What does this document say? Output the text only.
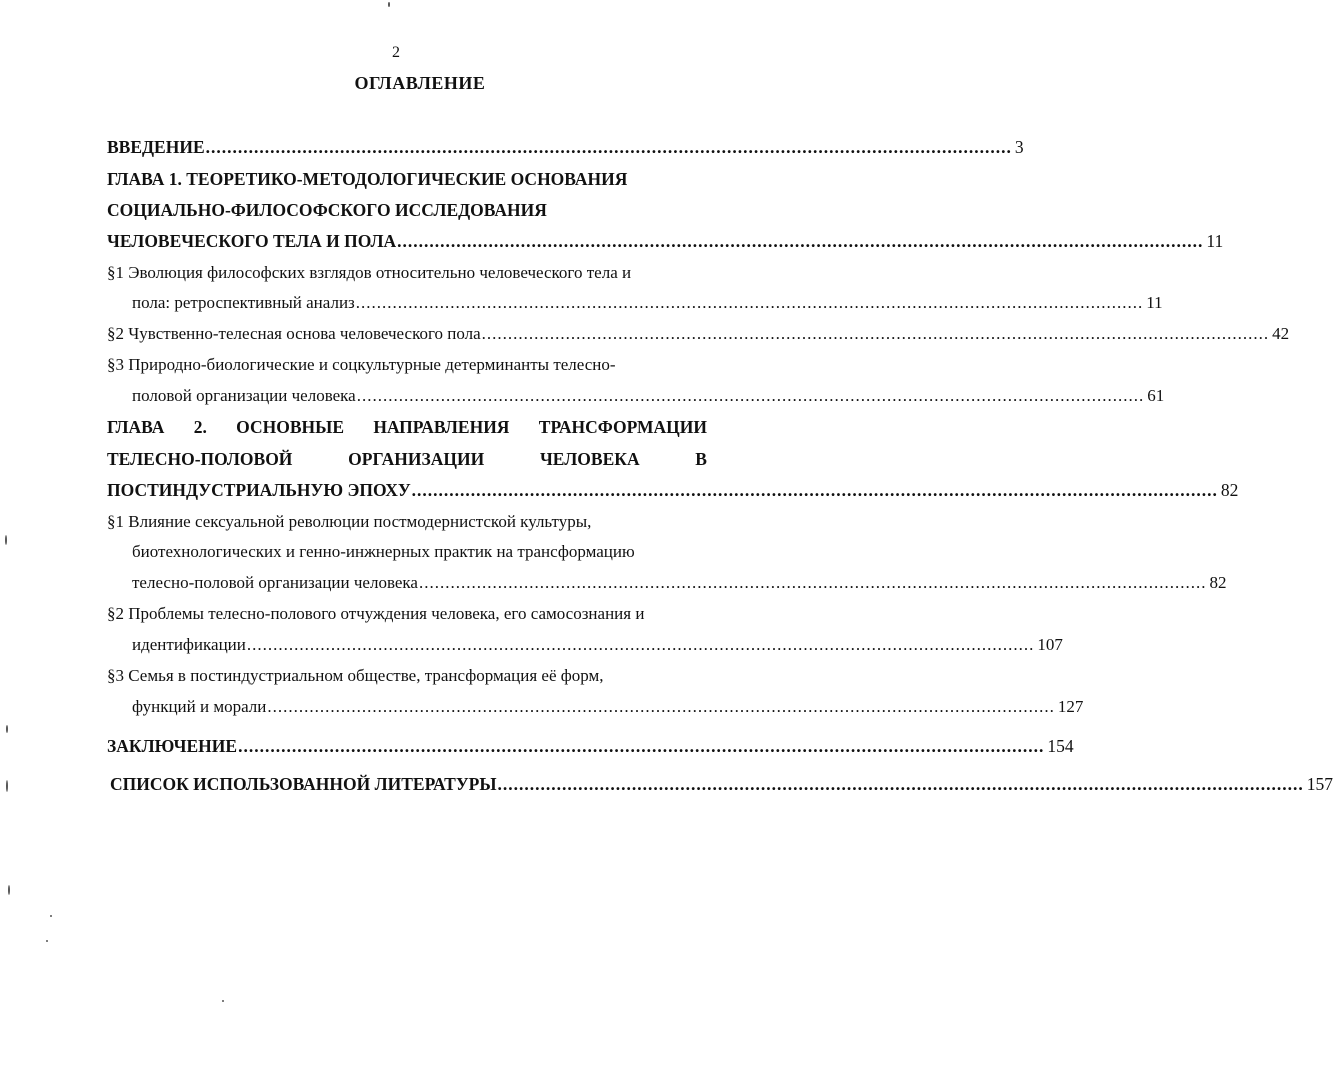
2
ОГЛАВЛЕНИЕ
ВВЕДЕНИЕ ...................................................................................................................................................... 3
ГЛАВА 1. ТЕОРЕТИКО-МЕТОДОЛОГИЧЕСКИЕ ОСНОВАНИЯ
СОЦИАЛЬНО-ФИЛОСОФСКОГО ИССЛЕДОВАНИЯ
ЧЕЛОВЕЧЕСКОГО ТЕЛА И ПОЛА ...................................................................................................................................................... 11
§1 Эволюция философских взглядов относительно человеческого тела и
пола: ретроспективный анализ ...................................................................................................................................................... 11
§2 Чувственно-телесная основа человеческого пола ...................................................................................................................................................... 42
§3 Природно-биологические и соцкультурные детерминанты телесно-
половой организации человека ...................................................................................................................................................... 61
ГЛАВА 2. ОСНОВНЫЕ НАПРАВЛЕНИЯ ТРАНСФОРМАЦИИ
ТЕЛЕСНО-ПОЛОВОЙ	ОРГАНИЗАЦИИ	ЧЕЛОВЕКА	В
ПОСТИНДУСТРИАЛЬНУЮ ЭПОХУ ...................................................................................................................................................... 82
§1 Влияние сексуальной революции постмодернистской культуры,
биотехнологических и генно-инжнерных практик на трансформацию
телесно-половой организации человека ...................................................................................................................................................... 82
§2 Проблемы телесно-полового отчуждения человека, его самосознания и
идентификации ...................................................................................................................................................... 107
§3 Семья в постиндустриальном обществе, трансформация её форм,
функций и морали ...................................................................................................................................................... 127
ЗАКЛЮЧЕНИЕ ...................................................................................................................................................... 154
СПИСОК ИСПОЛЬЗОВАННОЙ ЛИТЕРАТУРЫ ...................................................................................................................................................... 157
